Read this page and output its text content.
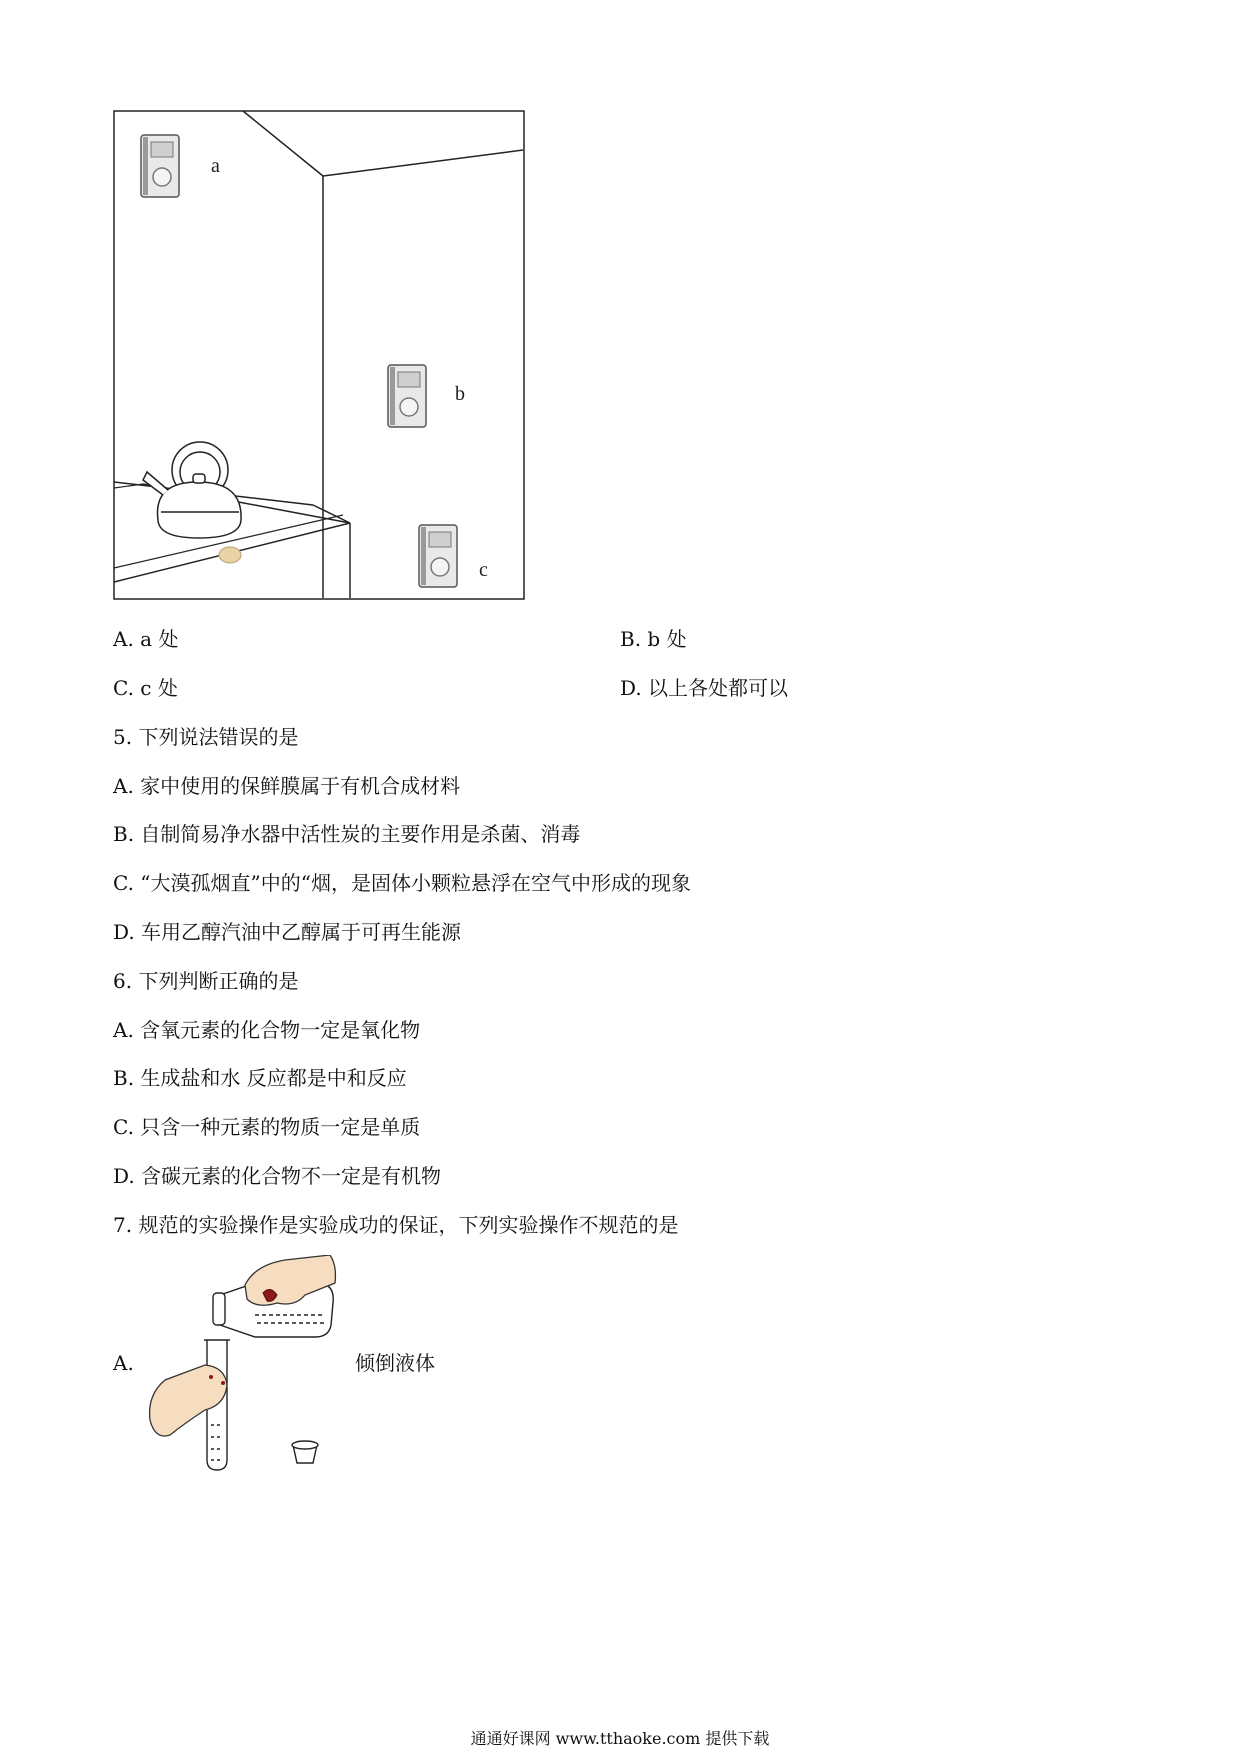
a
b
c
A. a 处	B. b 处
C. c 处	D. 以上各处都可以
5. 下列说法错误的是
A. 家中使用的保鲜膜属于有机合成材料
B. 自制简易净水器中活性炭的主要作用是杀菌、消毒
C. “大漠孤烟直”中的“烟，是固体小颗粒悬浮在空气中形成的现象
D. 车用乙醇汽油中乙醇属于可再生能源
6. 下列判断正确的是
A. 含氧元素的化合物一定是氧化物
B. 生成盐和水 反应都是中和反应
C. 只含一种元素的物质一定是单质
D. 含碳元素的化合物不一定是有机物
7. 规范的实验操作是实验成功的保证，下列实验操作不规范的是
A.	倾倒液体
通通好课网 www.tthaoke.com 提供下载
